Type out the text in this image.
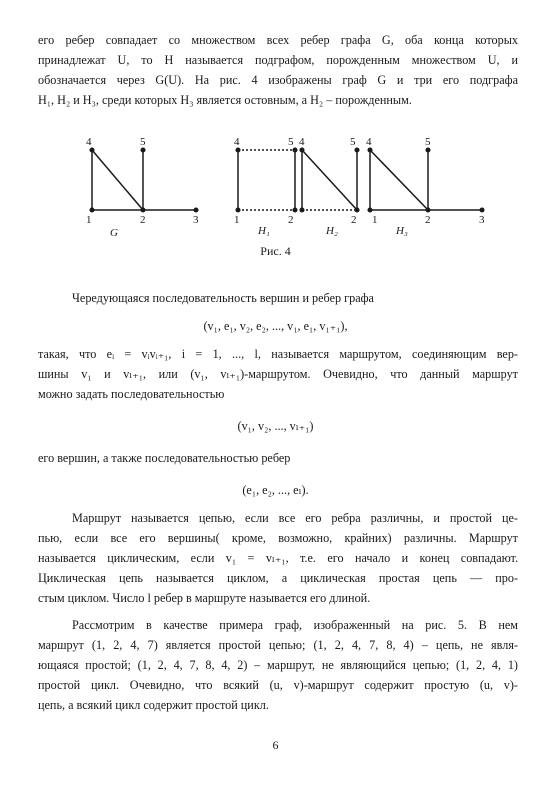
его ребер совпадает со множеством всех ребер графа G, оба конца которых
принадлежат U, то H называется подграфом, порожденным множеством U, и
обозначается через G(U). На рис. 4 изображены граф G и три его подграфа
H₁, H₂ и H₃, среди которых H₃ является остовным, а H₂ – порожденным.
4	5
1	2	3
G
4	5
1	2
H₁
4	5
2
H₂
4	5
1	2	3
H₃
Рис. 4
Чередующаяся последовательность вершин и ребер графа
(v₁, e₁, v₂, e₂, ..., v₁, e₁, v₁₊₁),
такая, что eᵢ = vᵢvᵢ₊₁, i = 1, ..., l, называется маршрутом, соединяющим вер-
шины v₁ и vₗ₊₁, или (v₁, vₗ₊₁)-маршрутом. Очевидно, что данный маршрут
можно задать последовательностью
(v₁, v₂, ..., vₗ₊₁)
его вершин, а также последовательностью ребер
(e₁, e₂, ..., eₗ).
Маршрут называется цепью, если все его ребра различны, и простой це-
пью, если все его вершины( кроме, возможно, крайних) различны. Маршрут
называется циклическим, если v₁ = vₗ₊₁, т.е. его начало и конец совпадают.
Циклическая цепь называется циклом, а циклическая простая цепь — про-
стым циклом. Число l ребер в маршруте называется его длиной.
Рассмотрим в качестве примера граф, изображенный на рис. 5. В нем
маршрут (1, 2, 4, 7) является простой цепью; (1, 2, 4, 7, 8, 4) – цепь, не явля-
ющаяся простой; (1, 2, 4, 7, 8, 4, 2) – маршрут, не являющийся цепью; (1, 2, 4, 1)
простой цикл. Очевидно, что всякий (u, v)-маршрут содержит простую (u, v)-
цепь, а всякий цикл содержит простой цикл.
6
